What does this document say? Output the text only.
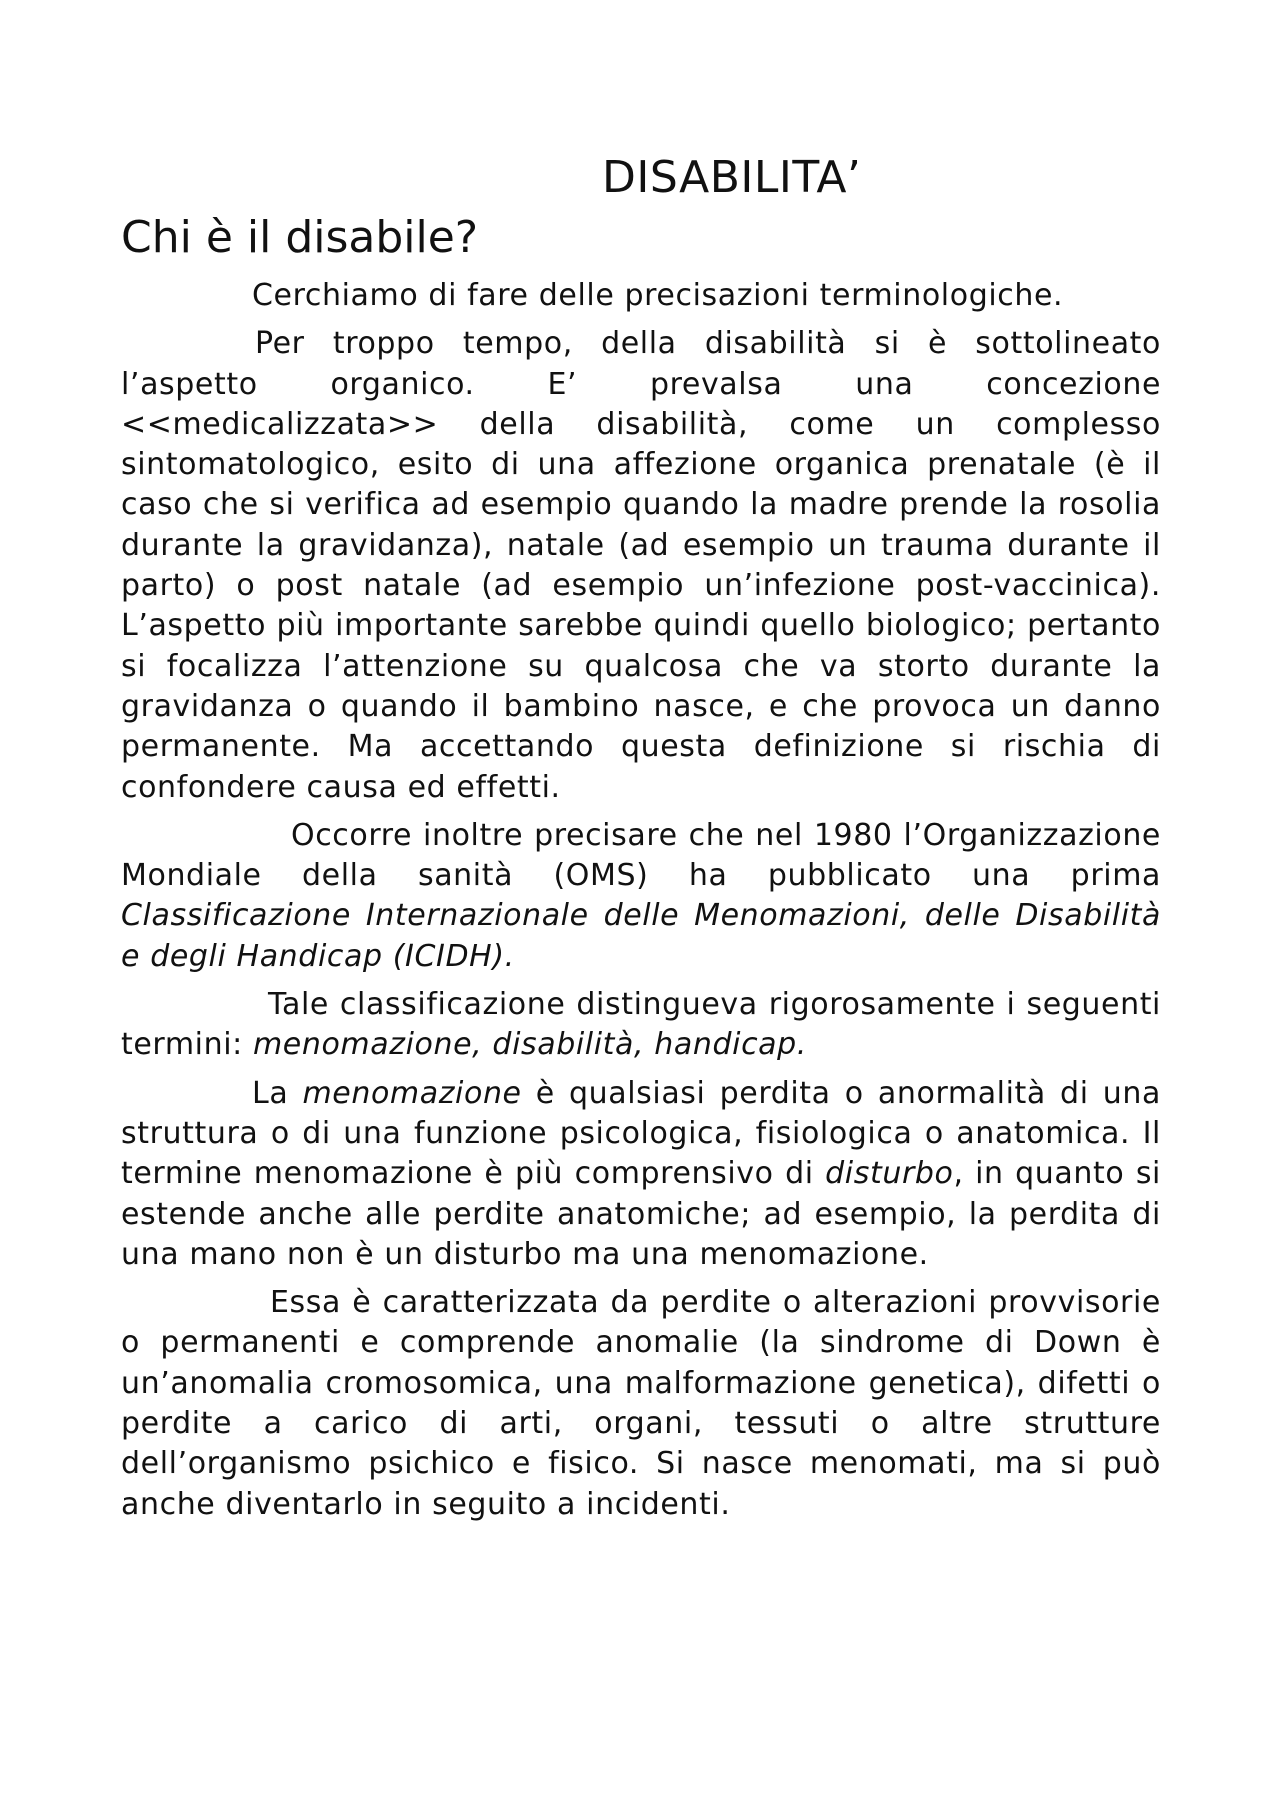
DISABILITA’
Chi è il disabile?

Cerchiamo di fare delle precisazioni terminologiche.

Per troppo tempo, della disabilità si è sottolineato l’aspetto organico. E’ prevalsa una concezione <<medicalizzata>> della disabilità, come un complesso sintomatologico, esito di una affezione organica prenatale (è il caso che si verifica ad esempio quando la madre prende la rosolia durante la gravidanza), natale (ad esempio un trauma durante il parto) o post natale (ad esempio un’infezione post-vaccinica). L’aspetto più importante sarebbe quindi quello biologico; pertanto si focalizza l’attenzione su qualcosa che va storto durante la gravidanza o quando il bambino nasce, e che provoca un danno permanente. Ma accettando questa definizione si rischia di confondere causa ed effetti.

Occorre inoltre precisare che nel 1980 l’Organizzazione Mondiale della sanità (OMS) ha pubblicato una prima Classificazione Internazionale delle Menomazioni, delle Disabilità e degli Handicap (ICIDH).

Tale classificazione distingueva rigorosamente i seguenti termini: menomazione, disabilità, handicap.

La menomazione è qualsiasi perdita o anormalità di una struttura o di una funzione psicologica, fisiologica o anatomica. Il termine menomazione è più comprensivo di disturbo, in quanto si estende anche alle perdite anatomiche; ad esempio, la perdita di una mano non è un disturbo ma una menomazione.

Essa è caratterizzata da perdite o alterazioni provvisorie o permanenti e comprende anomalie (la sindrome di Down è un’anomalia cromosomica, una malformazione genetica), difetti o perdite a carico di arti, organi, tessuti o altre strutture dell’organismo psichico e fisico. Si nasce menomati, ma si può anche diventarlo in seguito a incidenti.
